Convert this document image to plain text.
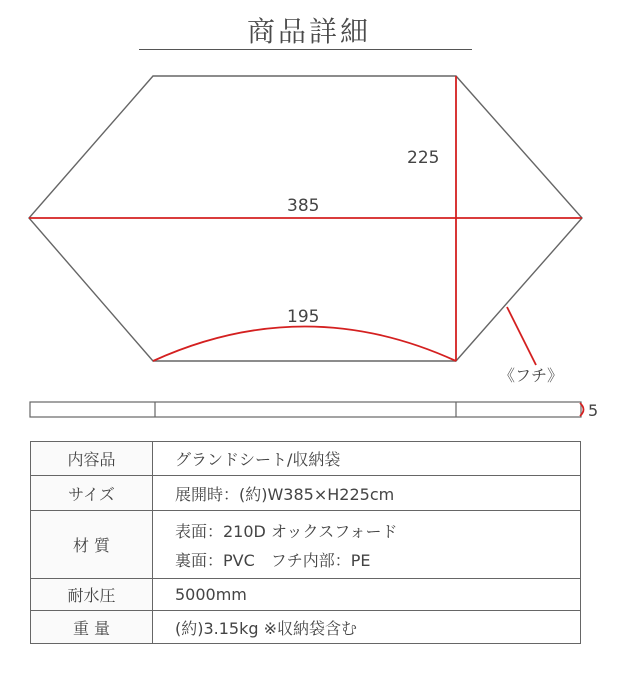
商品詳細
225
385
195
《フチ》
5
内容品	グランドシート/収納袋
サイズ	展開時：(約)W385×H225cm
材 質	表面：210D オックスフォード
裏面：PVC　フチ内部：PE

耐水圧	5000mm
重 量	(約)3.15kg ※収納袋含む
